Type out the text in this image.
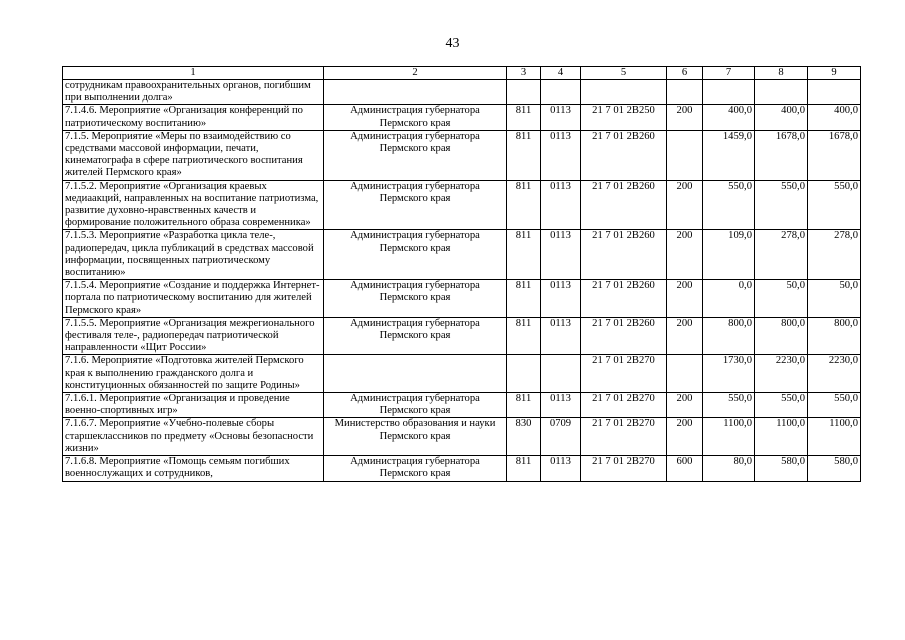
43
1	2	3	4	5	6	7	8	9
сотрудникам правоохранительных органов, погибшим при выполнении долга»								
7.1.4.6. Мероприятие «Организация конференций по патриотическому воспитанию»	Администрация губернатора Пермского края	811	0113	21 7 01 2В250	200	400,0	400,0	400,0
7.1.5. Мероприятие «Меры по взаимодействию со средствами массовой информации, печати, кинематографа в сфере патриотического воспитания жителей Пермского края»	Администрация губернатора Пермского края	811	0113	21 7 01 2В260		1459,0	1678,0	1678,0
7.1.5.2. Мероприятие «Организация краевых медиаакций, направленных на воспитание патриотизма, развитие духовно-нравственных качеств и формирование положительного образа современника»	Администрация губернатора Пермского края	811	0113	21 7 01 2В260	200	550,0	550,0	550,0
7.1.5.3. Мероприятие «Разработка цикла теле-, радиопередач, цикла публикаций в средствах массовой информации, посвященных патриотическому воспитанию»	Администрация губернатора Пермского края	811	0113	21 7 01 2В260	200	109,0	278,0	278,0
7.1.5.4. Мероприятие «Создание и поддержка Интернет-портала по патриотическому воспитанию для жителей Пермского края»	Администрация губернатора Пермского края	811	0113	21 7 01 2В260	200	0,0	50,0	50,0
7.1.5.5. Мероприятие «Организация межрегионального фестиваля теле-, радиопередач патриотической направленности «Щит России»	Администрация губернатора Пермского края	811	0113	21 7 01 2В260	200	800,0	800,0	800,0
7.1.6. Мероприятие «Подготовка жителей Пермского края к выполнению гражданского долга и конституционных обязанностей по защите Родины»				21 7 01 2В270		1730,0	2230,0	2230,0
7.1.6.1. Мероприятие «Организация и проведение военно-спортивных игр»	Администрация губернатора Пермского края	811	0113	21 7 01 2В270	200	550,0	550,0	550,0
7.1.6.7. Мероприятие «Учебно-полевые сборы старшеклассников по предмету «Основы безопасности жизни»	Министерство образования и науки Пермского края	830	0709	21 7 01 2В270	200	1100,0	1100,0	1100,0
7.1.6.8. Мероприятие «Помощь семьям погибших военнослужащих и сотрудников,	Администрация губернатора Пермского края	811	0113	21 7 01 2В270	600	80,0	580,0	580,0
